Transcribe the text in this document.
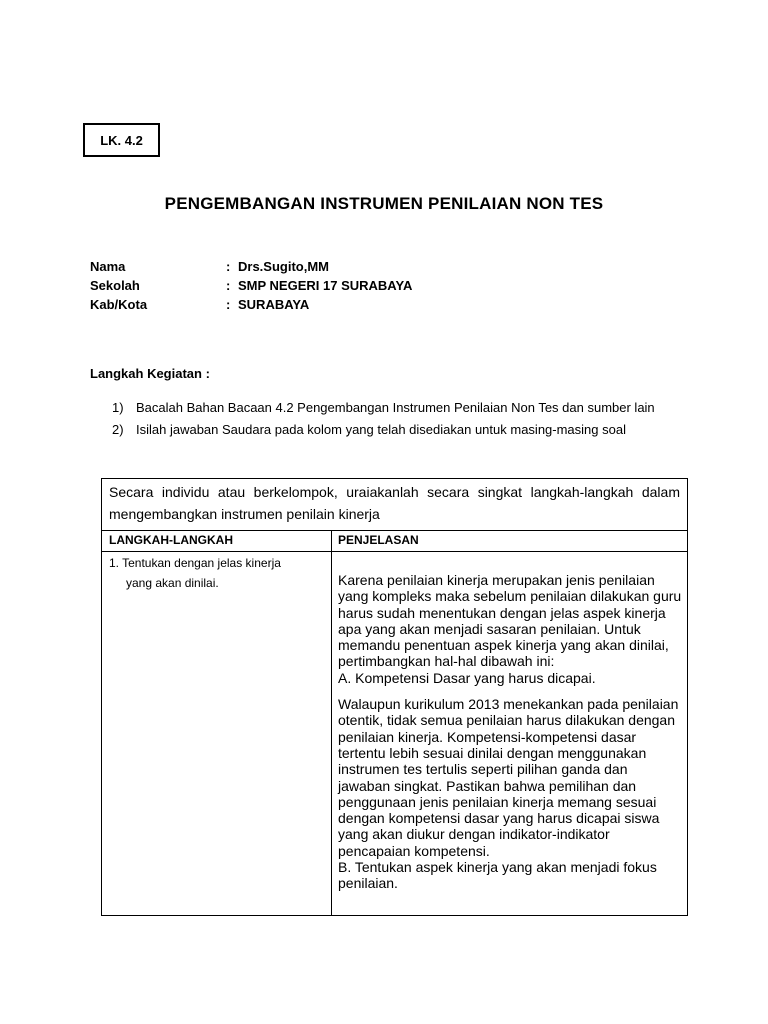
LK. 4.2
PENGEMBANGAN INSTRUMEN PENILAIAN NON TES
Nama	: Drs.Sugito,MM
Sekolah	: SMP NEGERI 17 SURABAYA
Kab/Kota	: SURABAYA
Langkah Kegiatan :
1) Bacalah Bahan Bacaan 4.2 Pengembangan Instrumen Penilaian Non Tes dan sumber lain
2) Isilah jawaban Saudara pada kolom yang telah disediakan untuk masing-masing soal
Secara individu atau berkelompok, uraiakanlah secara singkat langkah-langkah dalam mengembangkan instrumen penilain kinerja
LANGKAH-LANGKAH	PENJELASAN
1. Tentukan dengan jelas kinerja
yang akan dinilai.	Karena penilaian kinerja merupakan jenis penilaian yang kompleks maka sebelum penilaian dilakukan guru harus sudah menentukan dengan jelas aspek kinerja apa yang akan menjadi sasaran penilaian. Untuk memandu penentuan aspek kinerja yang akan dinilai, pertimbangkan hal-hal dibawah ini:
A. Kompetensi Dasar yang harus dicapai.
Walaupun kurikulum 2013 menekankan pada penilaian otentik, tidak semua penilaian harus dilakukan dengan penilaian kinerja. Kompetensi-kompetensi dasar tertentu lebih sesuai dinilai dengan menggunakan instrumen tes tertulis seperti pilihan ganda dan jawaban singkat. Pastikan bahwa pemilihan dan penggunaan jenis penilaian kinerja memang sesuai dengan kompetensi dasar yang harus dicapai siswa yang akan diukur dengan indikator-indikator pencapaian kompetensi.
B. Tentukan aspek kinerja yang akan menjadi fokus penilaian.
